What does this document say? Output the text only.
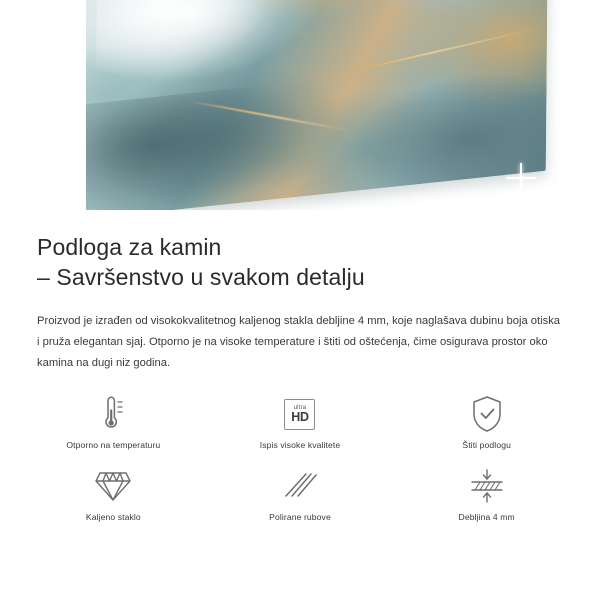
Podloga za kamin
– Savršenstvo u svakom detalju
Proizvod je izrađen od visokokvalitetnog kaljenog stakla debljine 4 mm, koje naglašava dubinu boja otiska i pruža elegantan sjaj. Otporno je na visoke temperature i štiti od oštećenja, čime osigurava prostor oko kamina na dugi niz godina.
Otporno na temperaturu
ultra
HD
Ispis visoke kvalitete	Štiti podlogu
Kaljeno staklo	Polirane rubove	Debljina 4 mm
